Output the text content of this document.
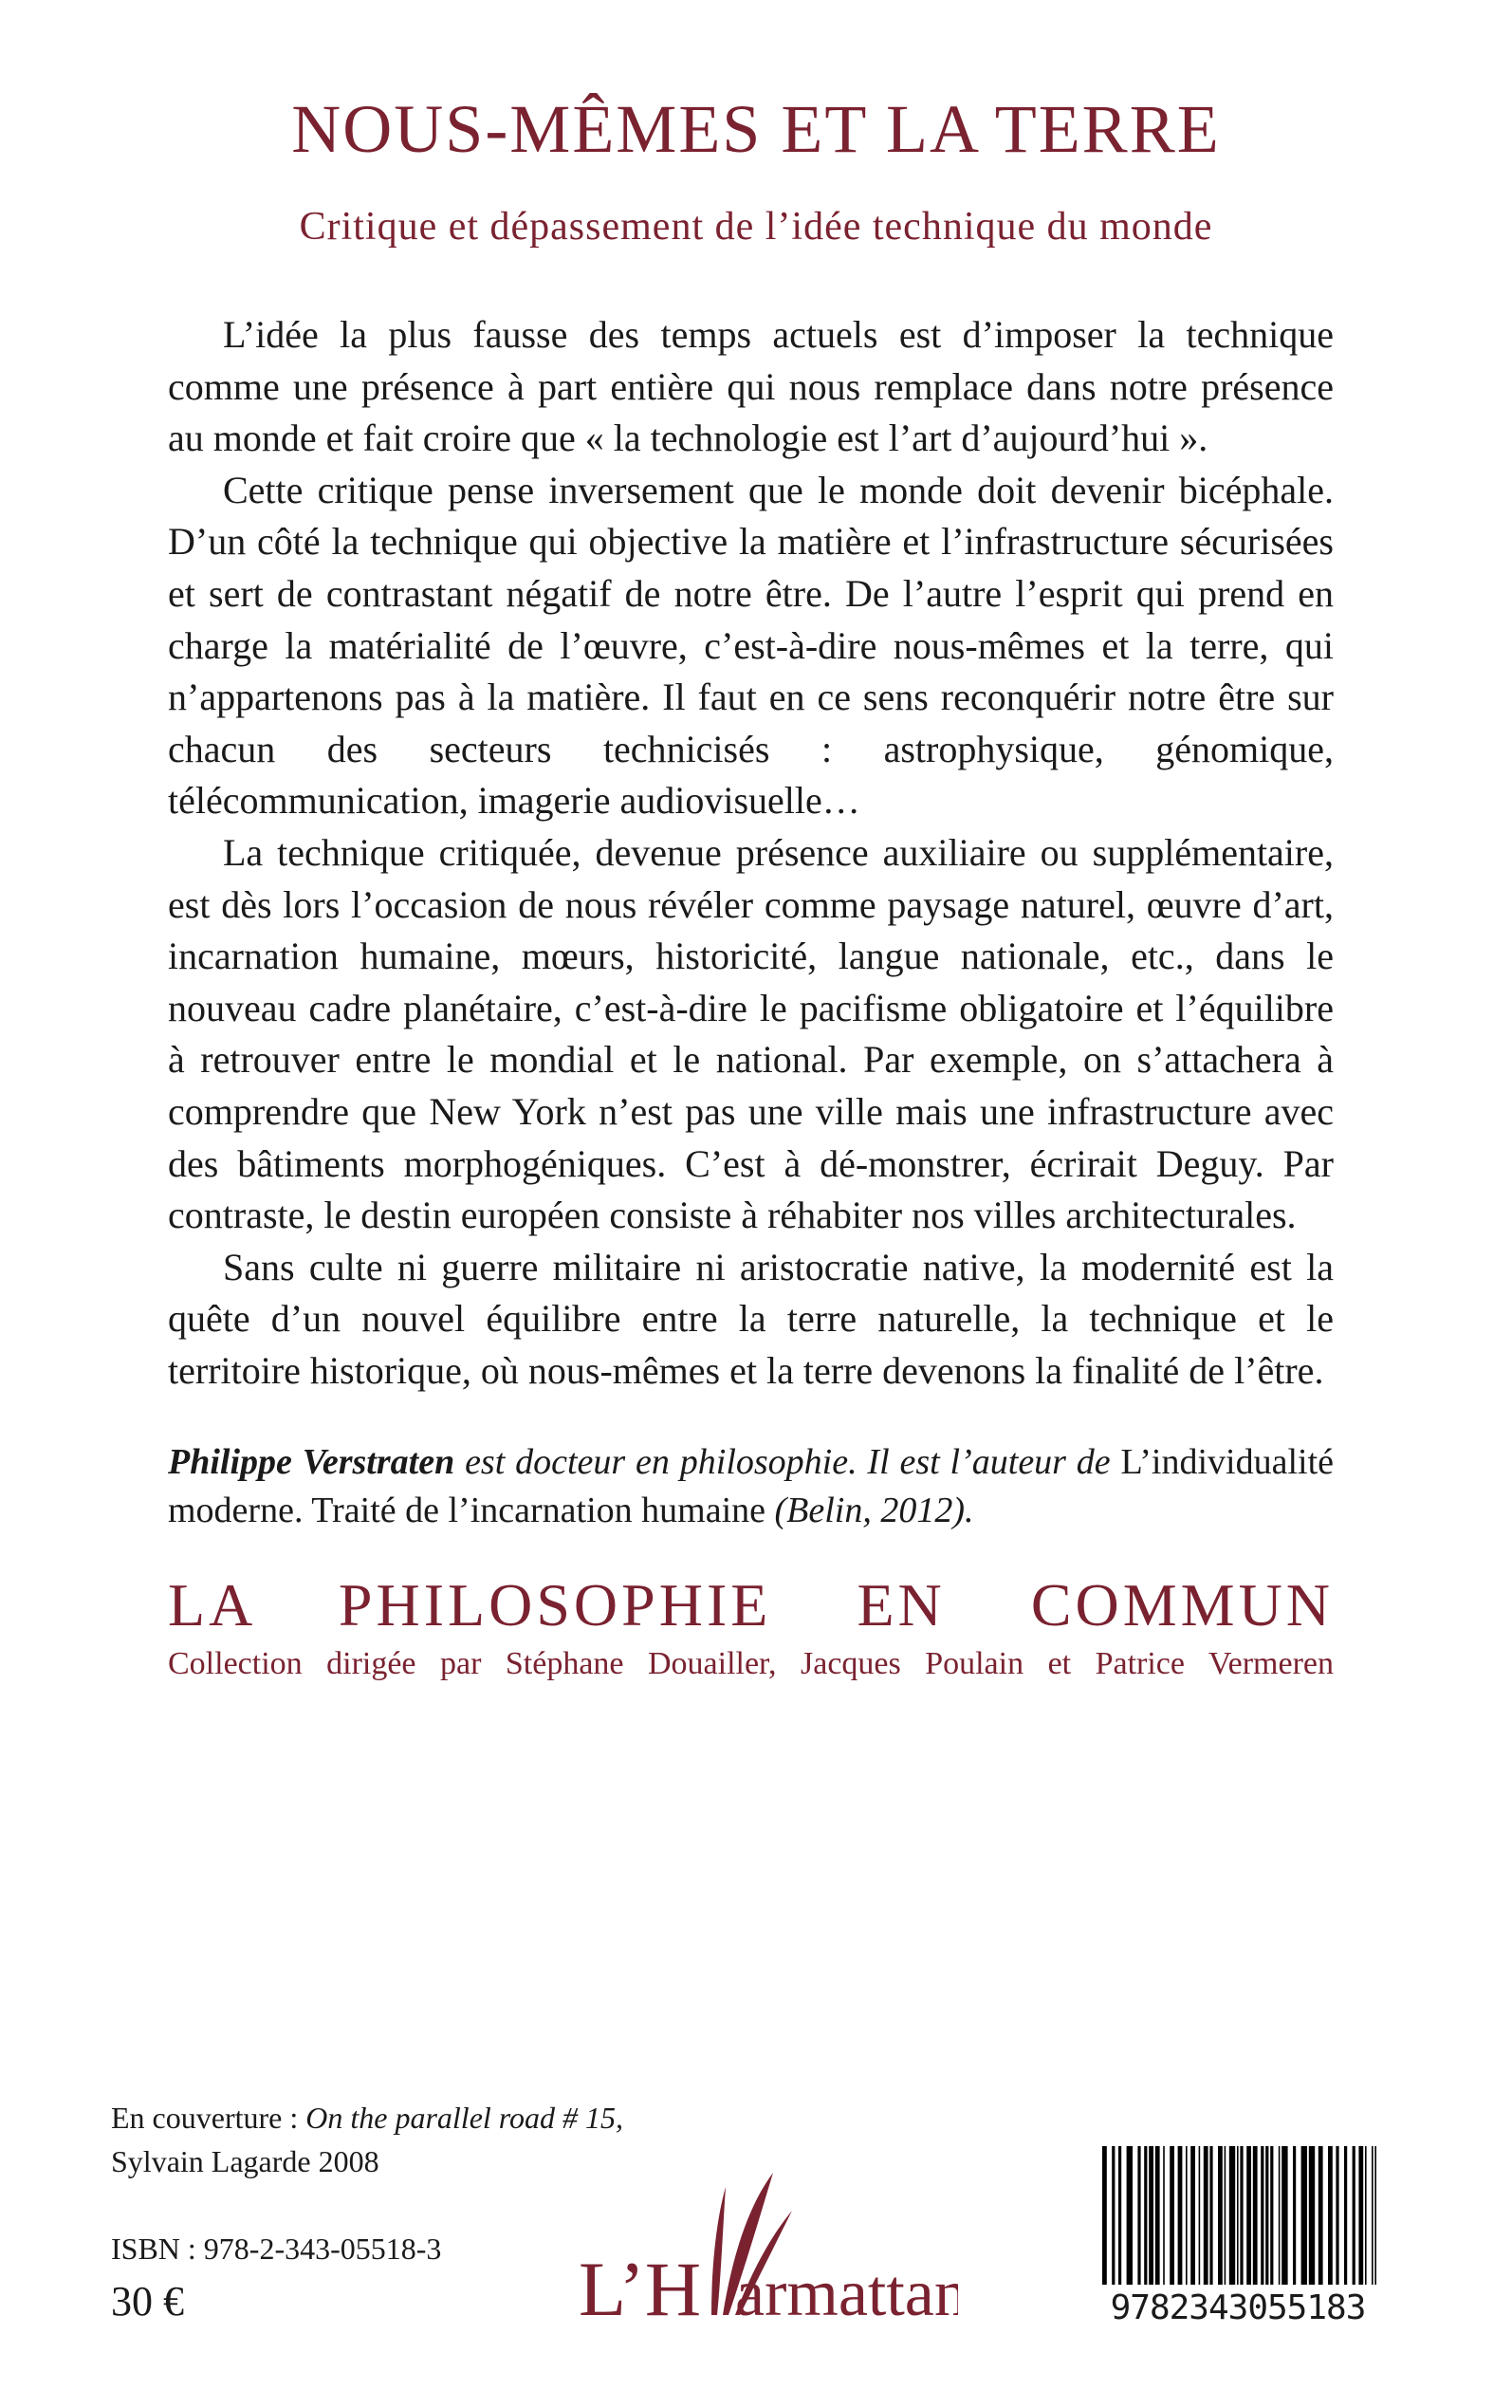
NOUS-MÊMES ET LA TERRE
Critique et dépassement de l’idée technique du monde

L’idée la plus fausse des temps actuels est d’imposer la technique comme une présence à part entière qui nous remplace dans notre présence au monde et fait croire que « la technologie est l’art d’aujourd’hui ».

Cette critique pense inversement que le monde doit devenir bicéphale. D’un côté la technique qui objective la matière et l’infrastructure sécurisées et sert de contrastant négatif de notre être. De l’autre l’esprit qui prend en charge la matérialité de l’œuvre, c’est-à-dire nous-mêmes et la terre, qui n’appartenons pas à la matière. Il faut en ce sens reconquérir notre être sur chacun des secteurs technicisés : astrophysique, génomique, télécommunication, imagerie audiovisuelle…

La technique critiquée, devenue présence auxiliaire ou supplémentaire, est dès lors l’occasion de nous révéler comme paysage naturel, œuvre d’art, incarnation humaine, mœurs, historicité, langue nationale, etc., dans le nouveau cadre planétaire, c’est-à-dire le pacifisme obligatoire et l’équilibre à retrouver entre le mondial et le national. Par exemple, on s’attachera à comprendre que New York n’est pas une ville mais une infrastructure avec des bâtiments morphogéniques. C’est à dé-monstrer, écrirait Deguy. Par contraste, le destin européen consiste à réhabiter nos villes architecturales.

Sans culte ni guerre militaire ni aristocratie native, la modernité est la quête d’un nouvel équilibre entre la terre naturelle, la technique et le territoire historique, où nous-mêmes et la terre devenons la finalité de l’être.

Philippe Verstraten est docteur en philosophie. Il est l’auteur de L’individualité moderne. Traité de l’incarnation humaine (Belin, 2012).
LA PHILOSOPHIE EN COMMUN
Collection dirigée par Stéphane Douailler, Jacques Poulain et Patrice Vermeren
En couverture : On the parallel road # 15,
Sylvain Lagarde 2008
ISBN : 978-2-343-05518-3
30 €	L’H armattan	9782343055183
